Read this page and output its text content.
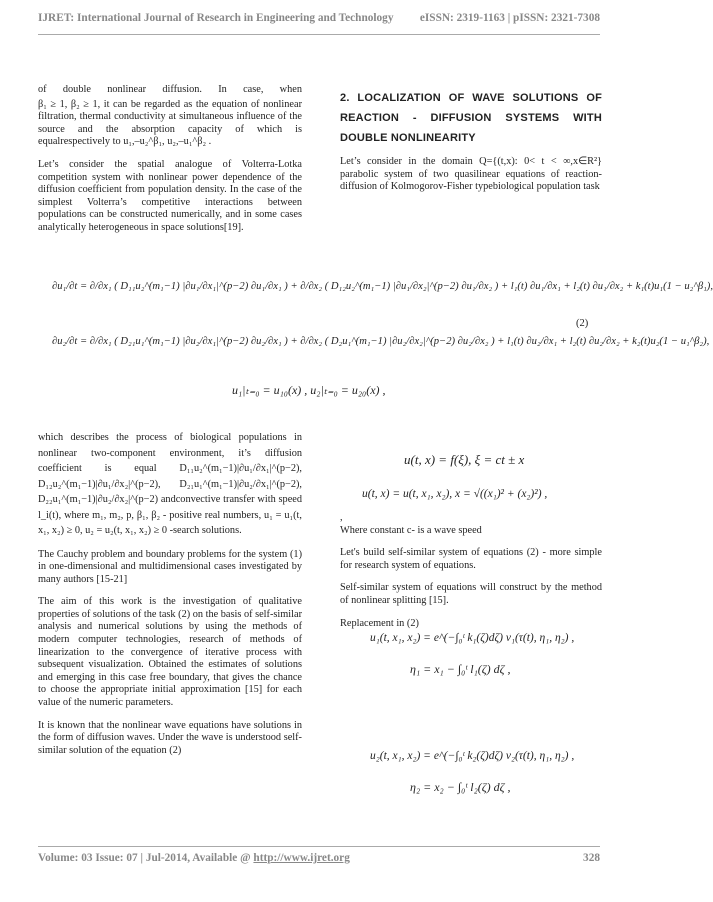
IJRET: International Journal of Research in Engineering and Technology eISSN: 2319-1163 | pISSN: 2321-7308

of double nonlinear diffusion. In case, when

β₁ ≥ 1, β₂ ≥ 1, it can be regarded as the equation of nonlinear filtration, thermal conductivity at simultaneous influence of the source and the absorption capacity of which is equalrespectively to u₁,–u₂^β₁, u₂,–u₁^β₂ .

Let’s consider the spatial analogue of Volterra-Lotka competition system with nonlinear power dependence of the diffusion coefficient from population density. In the case of the simplest Volterra’s competitive interactions between populations can be constructed numerically, and in some cases analytically heterogeneous in space solutions[19].

2. LOCALIZATION OF WAVE SOLUTIONS OF REACTION - DIFFUSION SYSTEMS WITH DOUBLE NONLINEARITY

Let’s consider in the domain Q={(t,x): 0< t < ∞,x∈R²} parabolic system of two quasilinear equations of reaction-diffusion of Kolmogorov-Fisher typebiological population task

∂u₁/∂t = ∂/∂x₁ ( D₁₁u₂^(m₁−1) |∂u₁/∂x₁|^(p−2) ∂u₁/∂x₁ ) + ∂/∂x₂ ( D₁₂u₂^(m₁−1) |∂u₁/∂x₂|^(p−2) ∂u₁/∂x₂ ) + l₁(t) ∂u₁/∂x₁ + l₂(t) ∂u₁/∂x₂ + k₁(t)u₁(1 − u₂^β₁),
∂u₂/∂t = ∂/∂x₁ ( D₂₁u₁^(m₁−1) |∂u₂/∂x₁|^(p−2) ∂u₂/∂x₁ ) + ∂/∂x₂ ( D₂u₁^(m₁−1) |∂u₂/∂x₂|^(p−2) ∂u₂/∂x₂ ) + l₁(t) ∂u₂/∂x₁ + l₂(t) ∂u₂/∂x₂ + k₂(t)u₂(1 − u₁^β₂),
(2)
u₁|ₜ₌₀ = u₁₀(x) , u₂|ₜ₌₀ = u₂₀(x) ,

which describes the process of biological populations in nonlinear two-component environment, it’s diffusion coefficient is equal D₁₁u₂^(m₁−1)|∂u₁/∂x₁|^(p−2), D₁₂u₂^(m₁−1)|∂u₁/∂x₂|^(p−2), D₂₁u₁^(m₁−1)|∂u₂/∂x₁|^(p−2), D₂₂u₁^(m₁−1)|∂u₂/∂x₂|^(p−2) andconvective transfer with speed l_i(t), where m₁, m₂, p, β₁, β₂ - positive real numbers, u₁ = u₁(t, x₁, x₂) ≥ 0, u₂ = u₂(t, x₁, x₂) ≥ 0 -search solutions.

The Cauchy problem and boundary problems for the system (1) in one-dimensional and multidimensional cases investigated by many authors [15-21]

The aim of this work is the investigation of qualitative properties of solutions of the task (2) on the basis of self-similar analysis and numerical solutions by using the methods of modern computer technologies, research of methods of linearization to the convergence of iterative process with subsequent visualization. Obtained the estimates of solutions and emerging in this case free boundary, that gives the chance to choose the appropriate initial approximation [15] for each value of the numeric parameters.

It is known that the nonlinear wave equations have solutions in the form of diffusion waves. Under the wave is understood self-similar solution of the equation (2)

u(t, x) = f(ξ), ξ = ct ± x
u(t, x) = u(t, x₁, x₂), x = √((x₁)² + (x₂)²) ,

,

Where constant c- is a wave speed

Let's build self-similar system of equations (2) - more simple for research system of equations.

Self-similar system of equations will construct by the method of nonlinear splitting [15].

Replacement in (2)

u₁(t, x₁, x₂) = e^(−∫₀ᵗ k₁(ζ)dζ) v₁(τ(t), η₁, η₂) ,
η₁ = x₁ − ∫₀ᵗ l₁(ζ) dζ ,
u₂(t, x₁, x₂) = e^(−∫₀ᵗ k₂(ζ)dζ) v₂(τ(t), η₁, η₂) ,
η₂ = x₂ − ∫₀ᵗ l₂(ζ) dζ ,
Volume: 03 Issue: 07 | Jul-2014, Available @ http://www.ijret.org	328
